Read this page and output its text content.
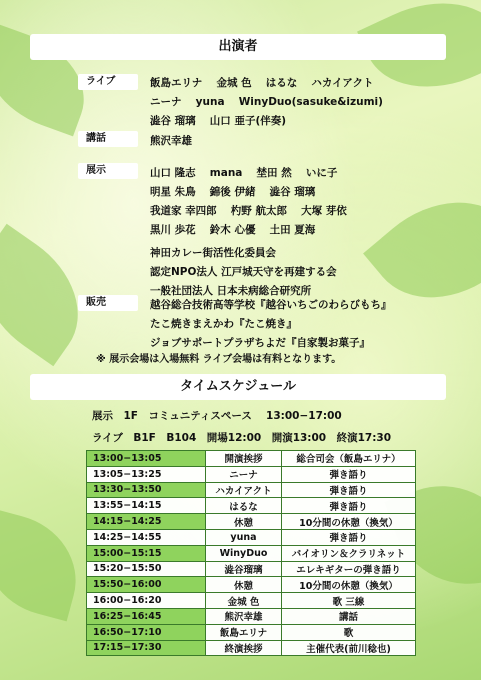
出演者
ライブ	飯島エリナ　 金城 色　 はるな　 ハカイアクト
ニーナ　 yuna　 WinyDuo(sasuke&izumi)
澁谷 瑠璃　 山口 亜子(伴奏)
講話	熊沢幸雄
展示	山口 隆志　 mana　 埜田 然　 いに子
明星 朱鳥　 錦後 伊緒　 澁谷 瑠璃
我道家 幸四郎　 杓野 航太郎　 大塚 芽依
黒川 歩花　 鈴木 心優　 土田 夏海
神田カレー街活性化委員会
認定NPO法人 江戸城天守を再建する会
一般社団法人 日本未病総合研究所
販売	越谷総合技術高等学校『越谷いちごのわらびもち』
たこ焼きまえかわ『たこ焼き』
ジョブサポートプラザちよだ『自家製お菓子』
※ 展示会場は入場無料 ライブ会場は有料となります。
タイムスケジュール
展示　1F　コミュニティスペース　 13:00−17:00
ライブ　B1F　B104　開場12:00　開演13:00　終演17:30
13:00−13:05	開演挨拶	総合司会（飯島エリナ）
13:05−13:25	ニーナ	弾き語り
13:30−13:50	ハカイアクト	弾き語り
13:55−14:15	はるな	弾き語り
14:15−14:25	休憩	10分間の休憩（換気）
14:25−14:55	yuna	弾き語り
15:00−15:15	WinyDuo	バイオリン＆クラリネット
15:20−15:50	澁谷瑠璃	エレキギターの弾き語り
15:50−16:00	休憩	10分間の休憩（換気）
16:00−16:20	金城 色	歌 三線
16:25−16:45	熊沢幸雄	講話
16:50−17:10	飯島エリナ	歌
17:15−17:30	終演挨拶	主催代表(前川稔也)
